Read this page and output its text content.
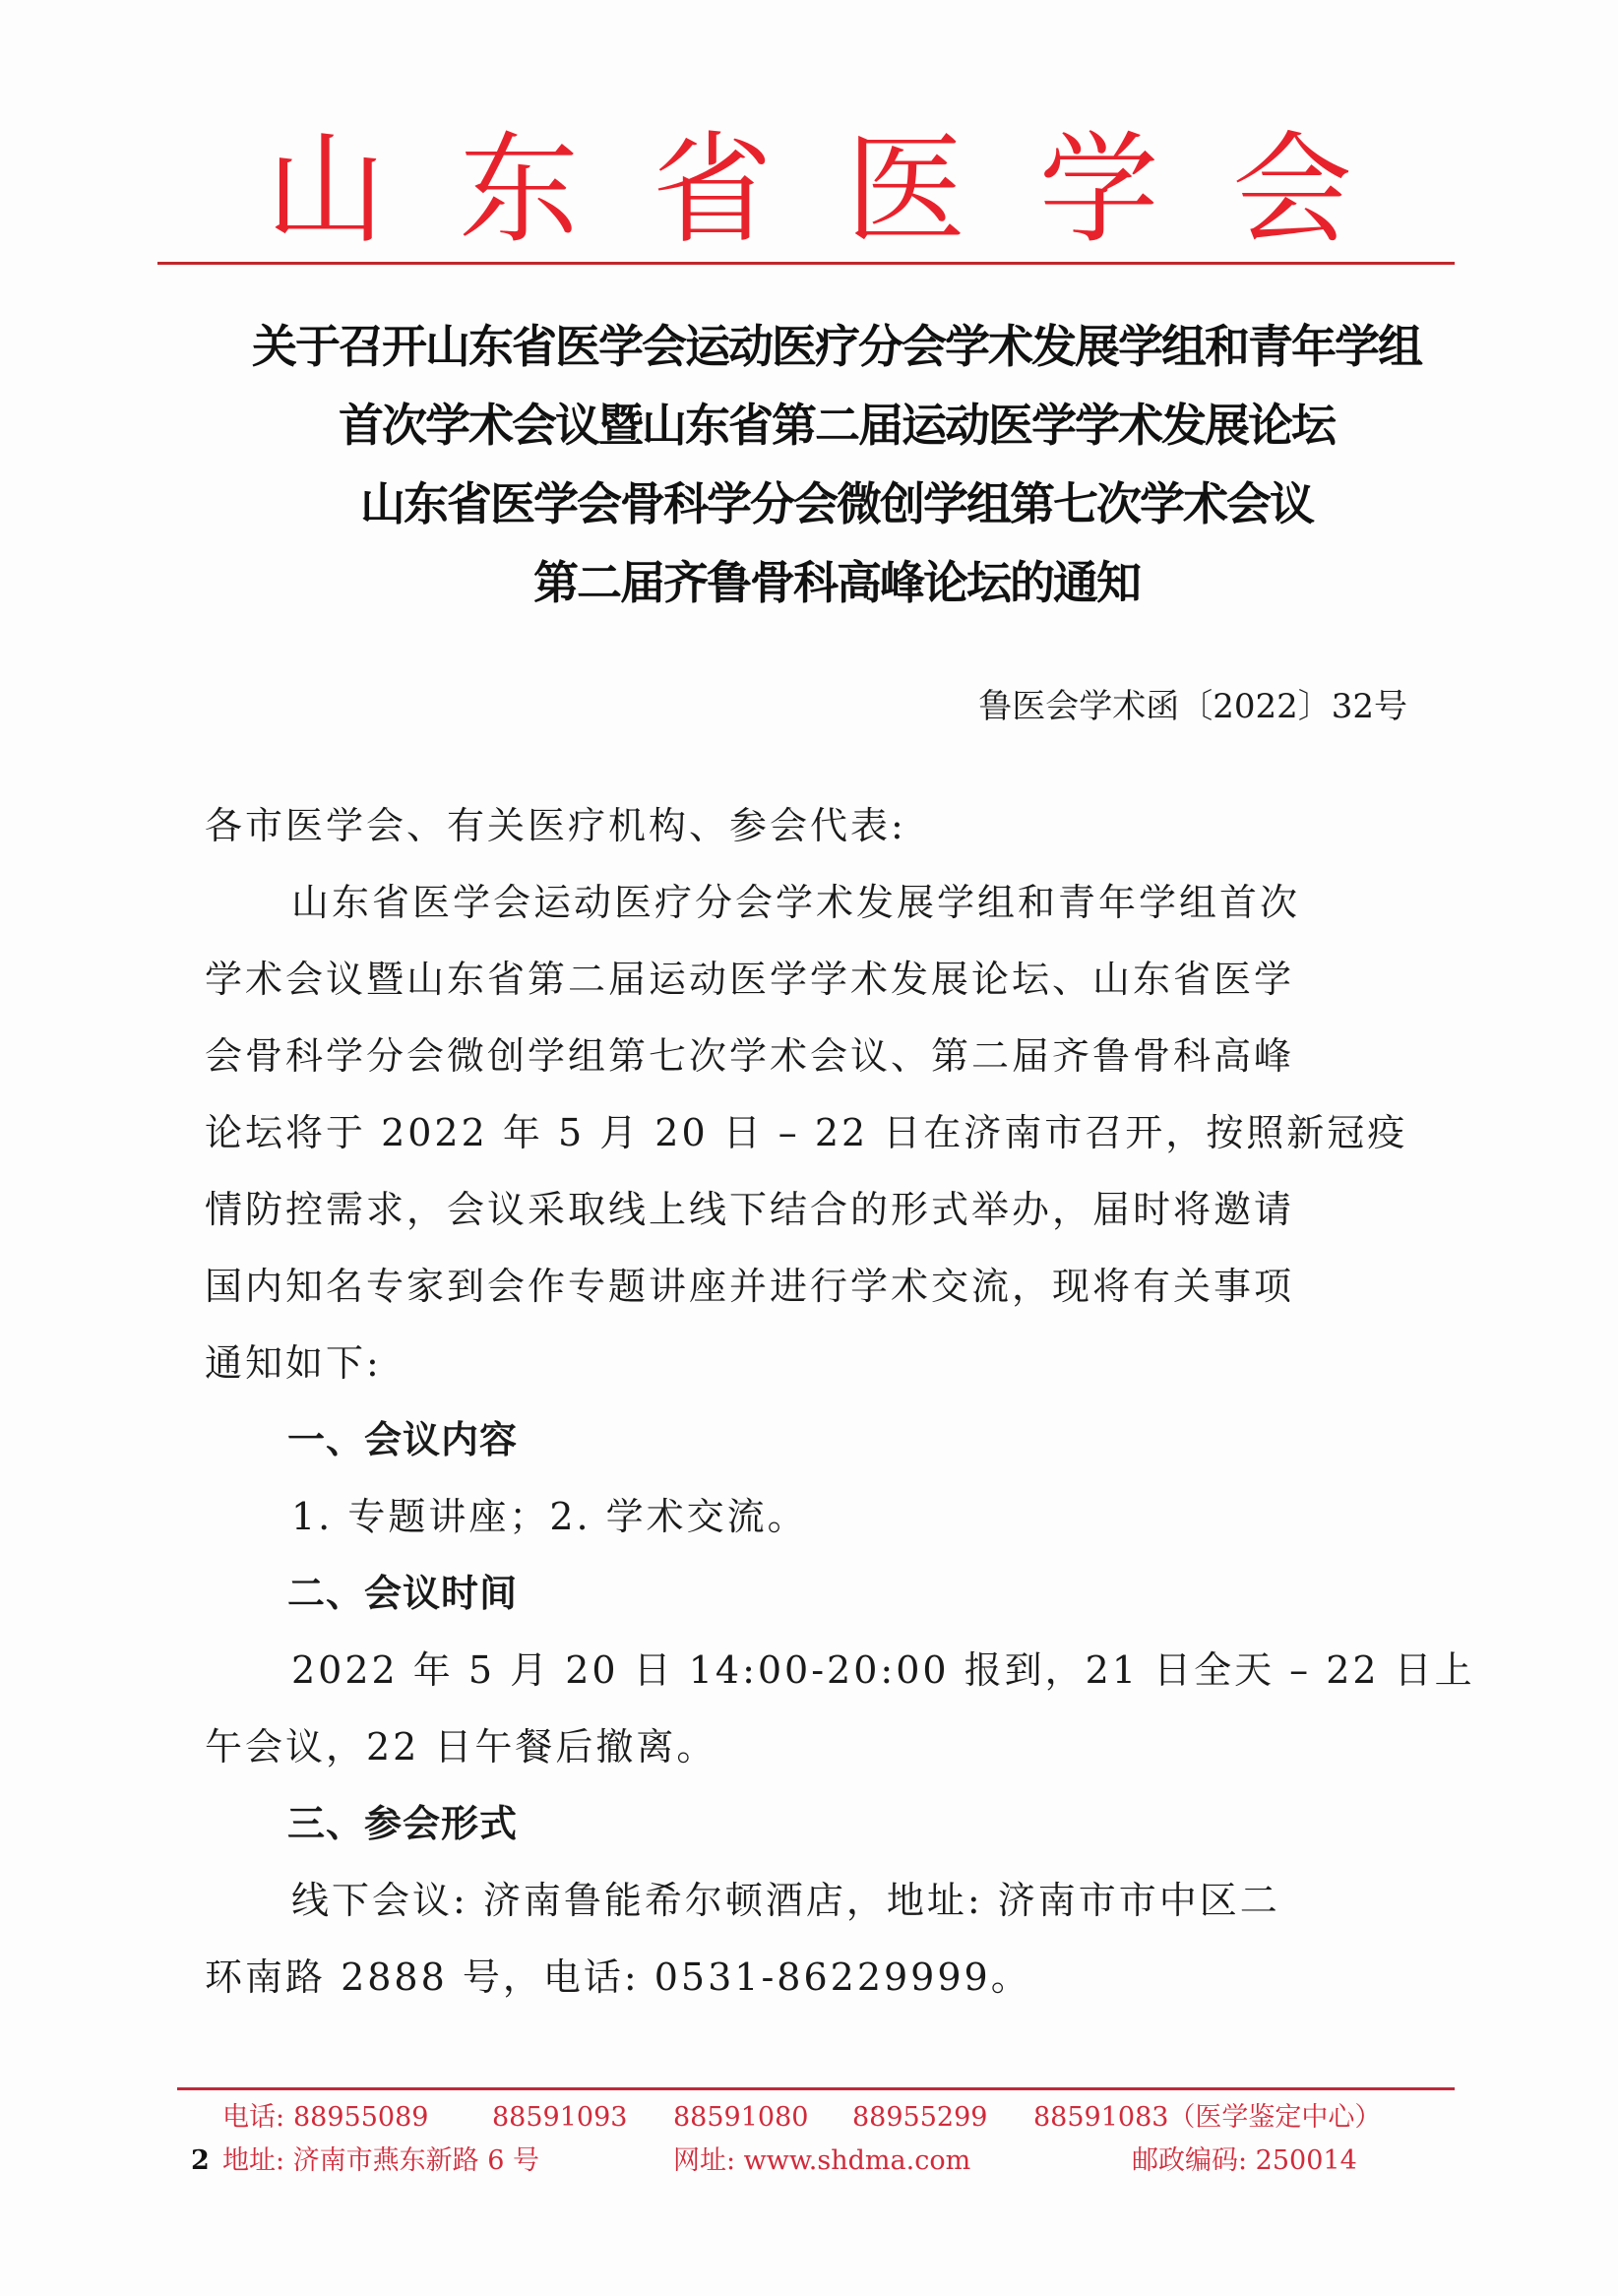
山 东 省 医 学 会
关于召开山东省医学会运动医疗分会学术发展学组和青年学组
首次学术会议暨山东省第二届运动医学学术发展论坛
山东省医学会骨科学分会微创学组第七次学术会议
第二届齐鲁骨科高峰论坛的通知
鲁医会学术函〔2022〕32号
各市医学会、有关医疗机构、参会代表:
山东省医学会运动医疗分会学术发展学组和青年学组首次
学术会议暨山东省第二届运动医学学术发展论坛、山东省医学
会骨科学分会微创学组第七次学术会议、第二届齐鲁骨科高峰
论坛将于 2022 年 5 月 20 日 – 22 日在济南市召开，按照新冠疫
情防控需求，会议采取线上线下结合的形式举办，届时将邀请
国内知名专家到会作专题讲座并进行学术交流，现将有关事项
通知如下:
一、会议内容
1. 专题讲座；2. 学术交流。
二、会议时间
2022 年 5 月 20 日 14:00-20:00 报到，21 日全天 – 22 日上
午会议，22 日午餐后撤离。
三、参会形式
线下会议: 济南鲁能希尔顿酒店，地址: 济南市市中区二
环南路 2888 号，电话: 0531-86229999。
电话: 88955089 88591093 88591080 88955299 88591083（医学鉴定中心）
2 地址: 济南市燕东新路 6 号	网址: www.shdma.com	邮政编码: 250014
